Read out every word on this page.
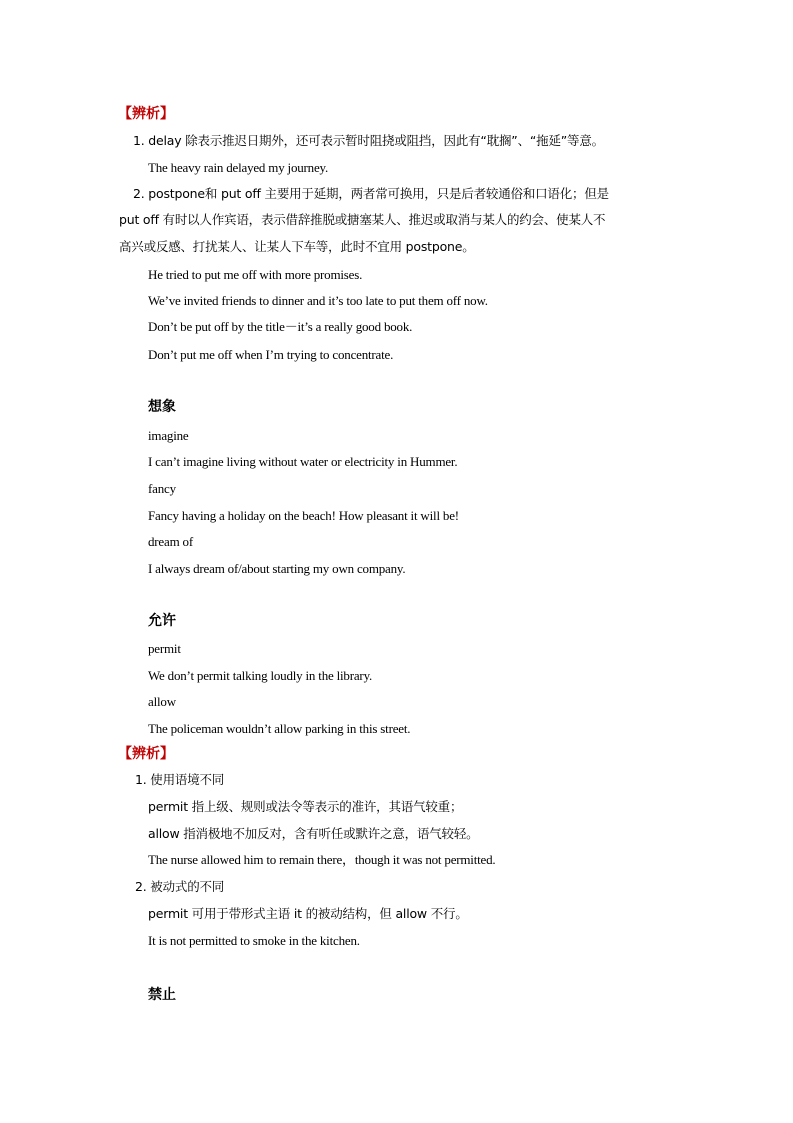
【辨析】
1. delay 除表示推迟日期外，还可表示暂时阻挠或阻挡，因此有“耽搁”、“拖延”等意。
The heavy rain delayed my journey.
2. postpone和 put off 主要用于延期，两者常可换用，只是后者较通俗和口语化；但是
put off 有时以人作宾语，表示借辞推脱或搪塞某人、推迟或取消与某人的约会、使某人不
高兴或反感、打扰某人、让某人下车等，此时不宜用 postpone。
He tried to put me off with more promises.
We’ve invited friends to dinner and it’s too late to put them off now.
Don’t be put off by the title－it’s a really good book.
Don’t put me off when I’m trying to concentrate.
想象
imagine
I can’t imagine living without water or electricity in Hummer.
fancy
Fancy having a holiday on the beach! How pleasant it will be!
dream of
I always dream of/about starting my own company.
允许
permit
We don’t permit talking loudly in the library.
allow
The policeman wouldn’t allow parking in this street.
【辨析】
1. 使用语境不同
permit 指上级、规则或法令等表示的准许，其语气较重；
allow 指消极地不加反对，含有听任或默许之意，语气较轻。
The nurse allowed him to remain there，though it was not permitted.
2. 被动式的不同
permit 可用于带形式主语 it 的被动结构，但 allow 不行。
It is not permitted to smoke in the kitchen.
禁止
